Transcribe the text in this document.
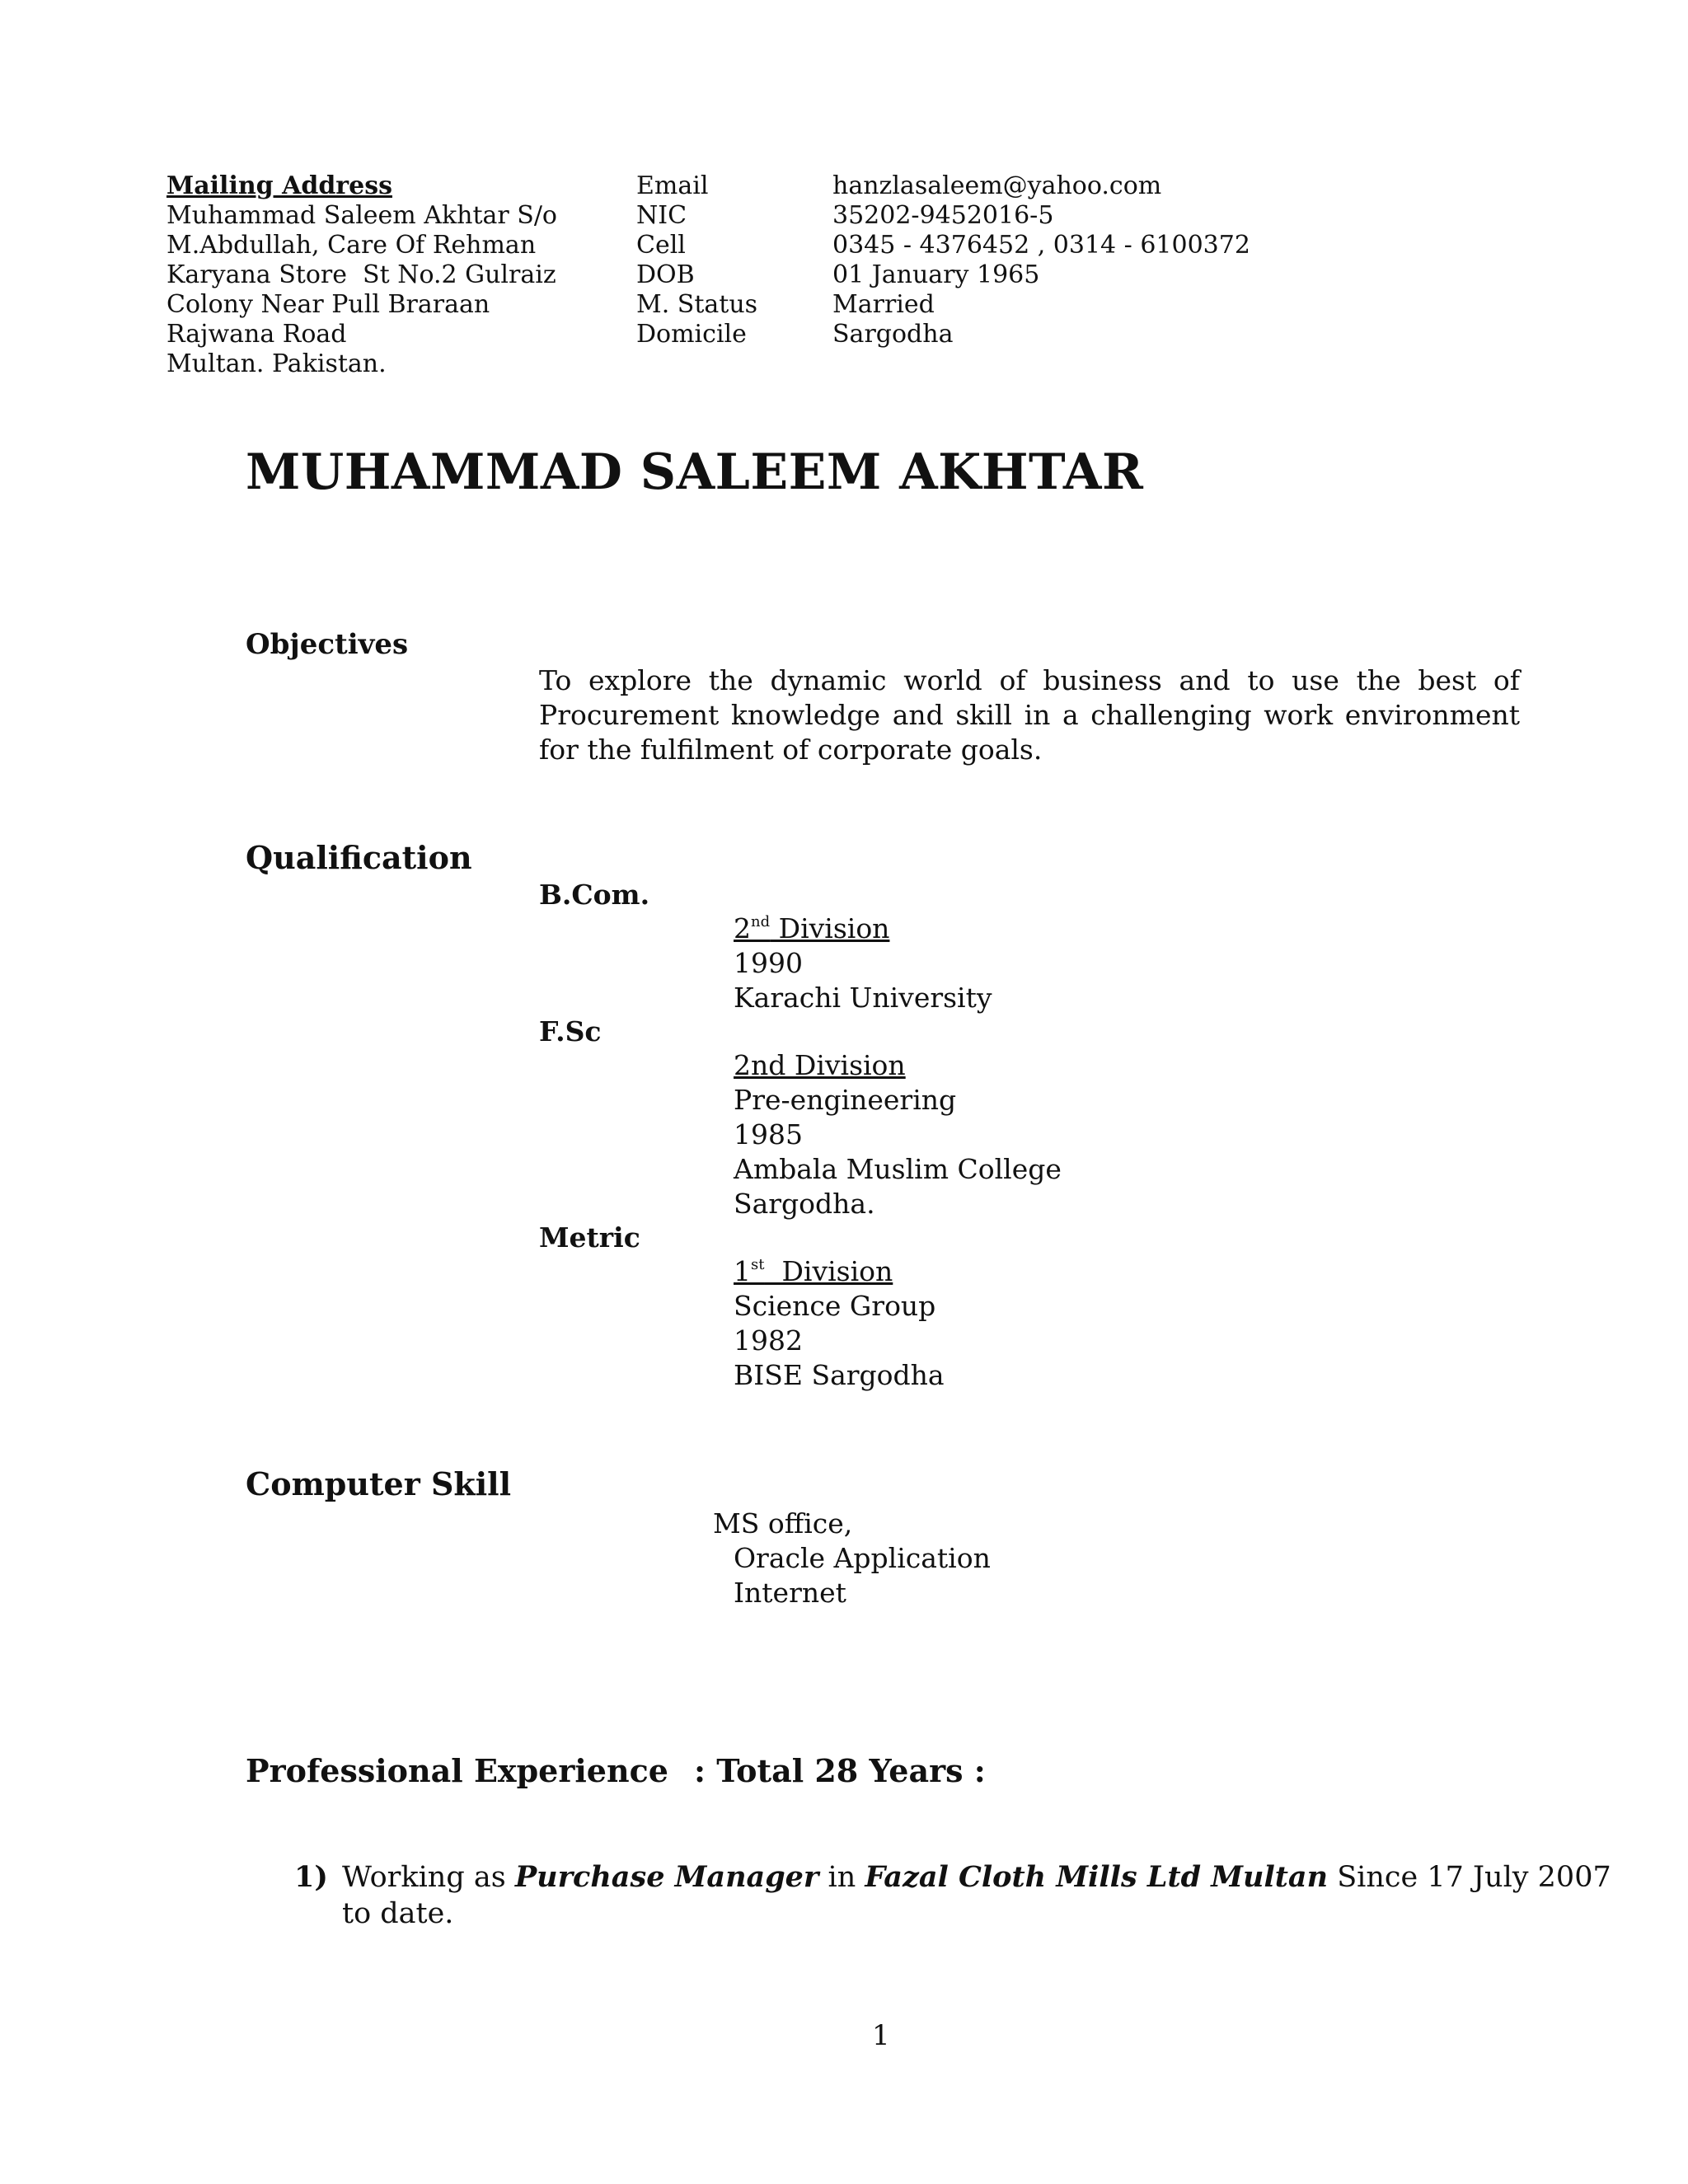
Mailing Address
Muhammad Saleem Akhtar S/o
M.Abdullah, Care Of Rehman
Karyana Store  St No.2 Gulraiz
Colony Near Pull Braraan
Rajwana Road
Multan. Pakistan.
Email
NIC
Cell
DOB
M. Status
Domicile
hanzlasaleem@yahoo.com
35202-9452016-5
0345 - 4376452 , 0314 - 6100372
01 January 1965
Married
Sargodha
MUHAMMAD SALEEM AKHTAR
Objectives
To explore the dynamic world of business and to use the best of Procurement knowledge and skill in a challenging work environment for the fulfilment of corporate goals.
Qualification
B.Com.
2nd Division
1990
Karachi University
F.Sc
2nd Division
Pre-engineering
1985
Ambala Muslim College
Sargodha.
Metric
1st  Division
Science Group
1982
BISE Sargodha
Computer Skill
MS office,
Oracle Application
Internet
Professional Experience : Total 28 Years :
1) Working as Purchase Manager in Fazal Cloth Mills Ltd Multan Since 17 July 2007 to date.
1
